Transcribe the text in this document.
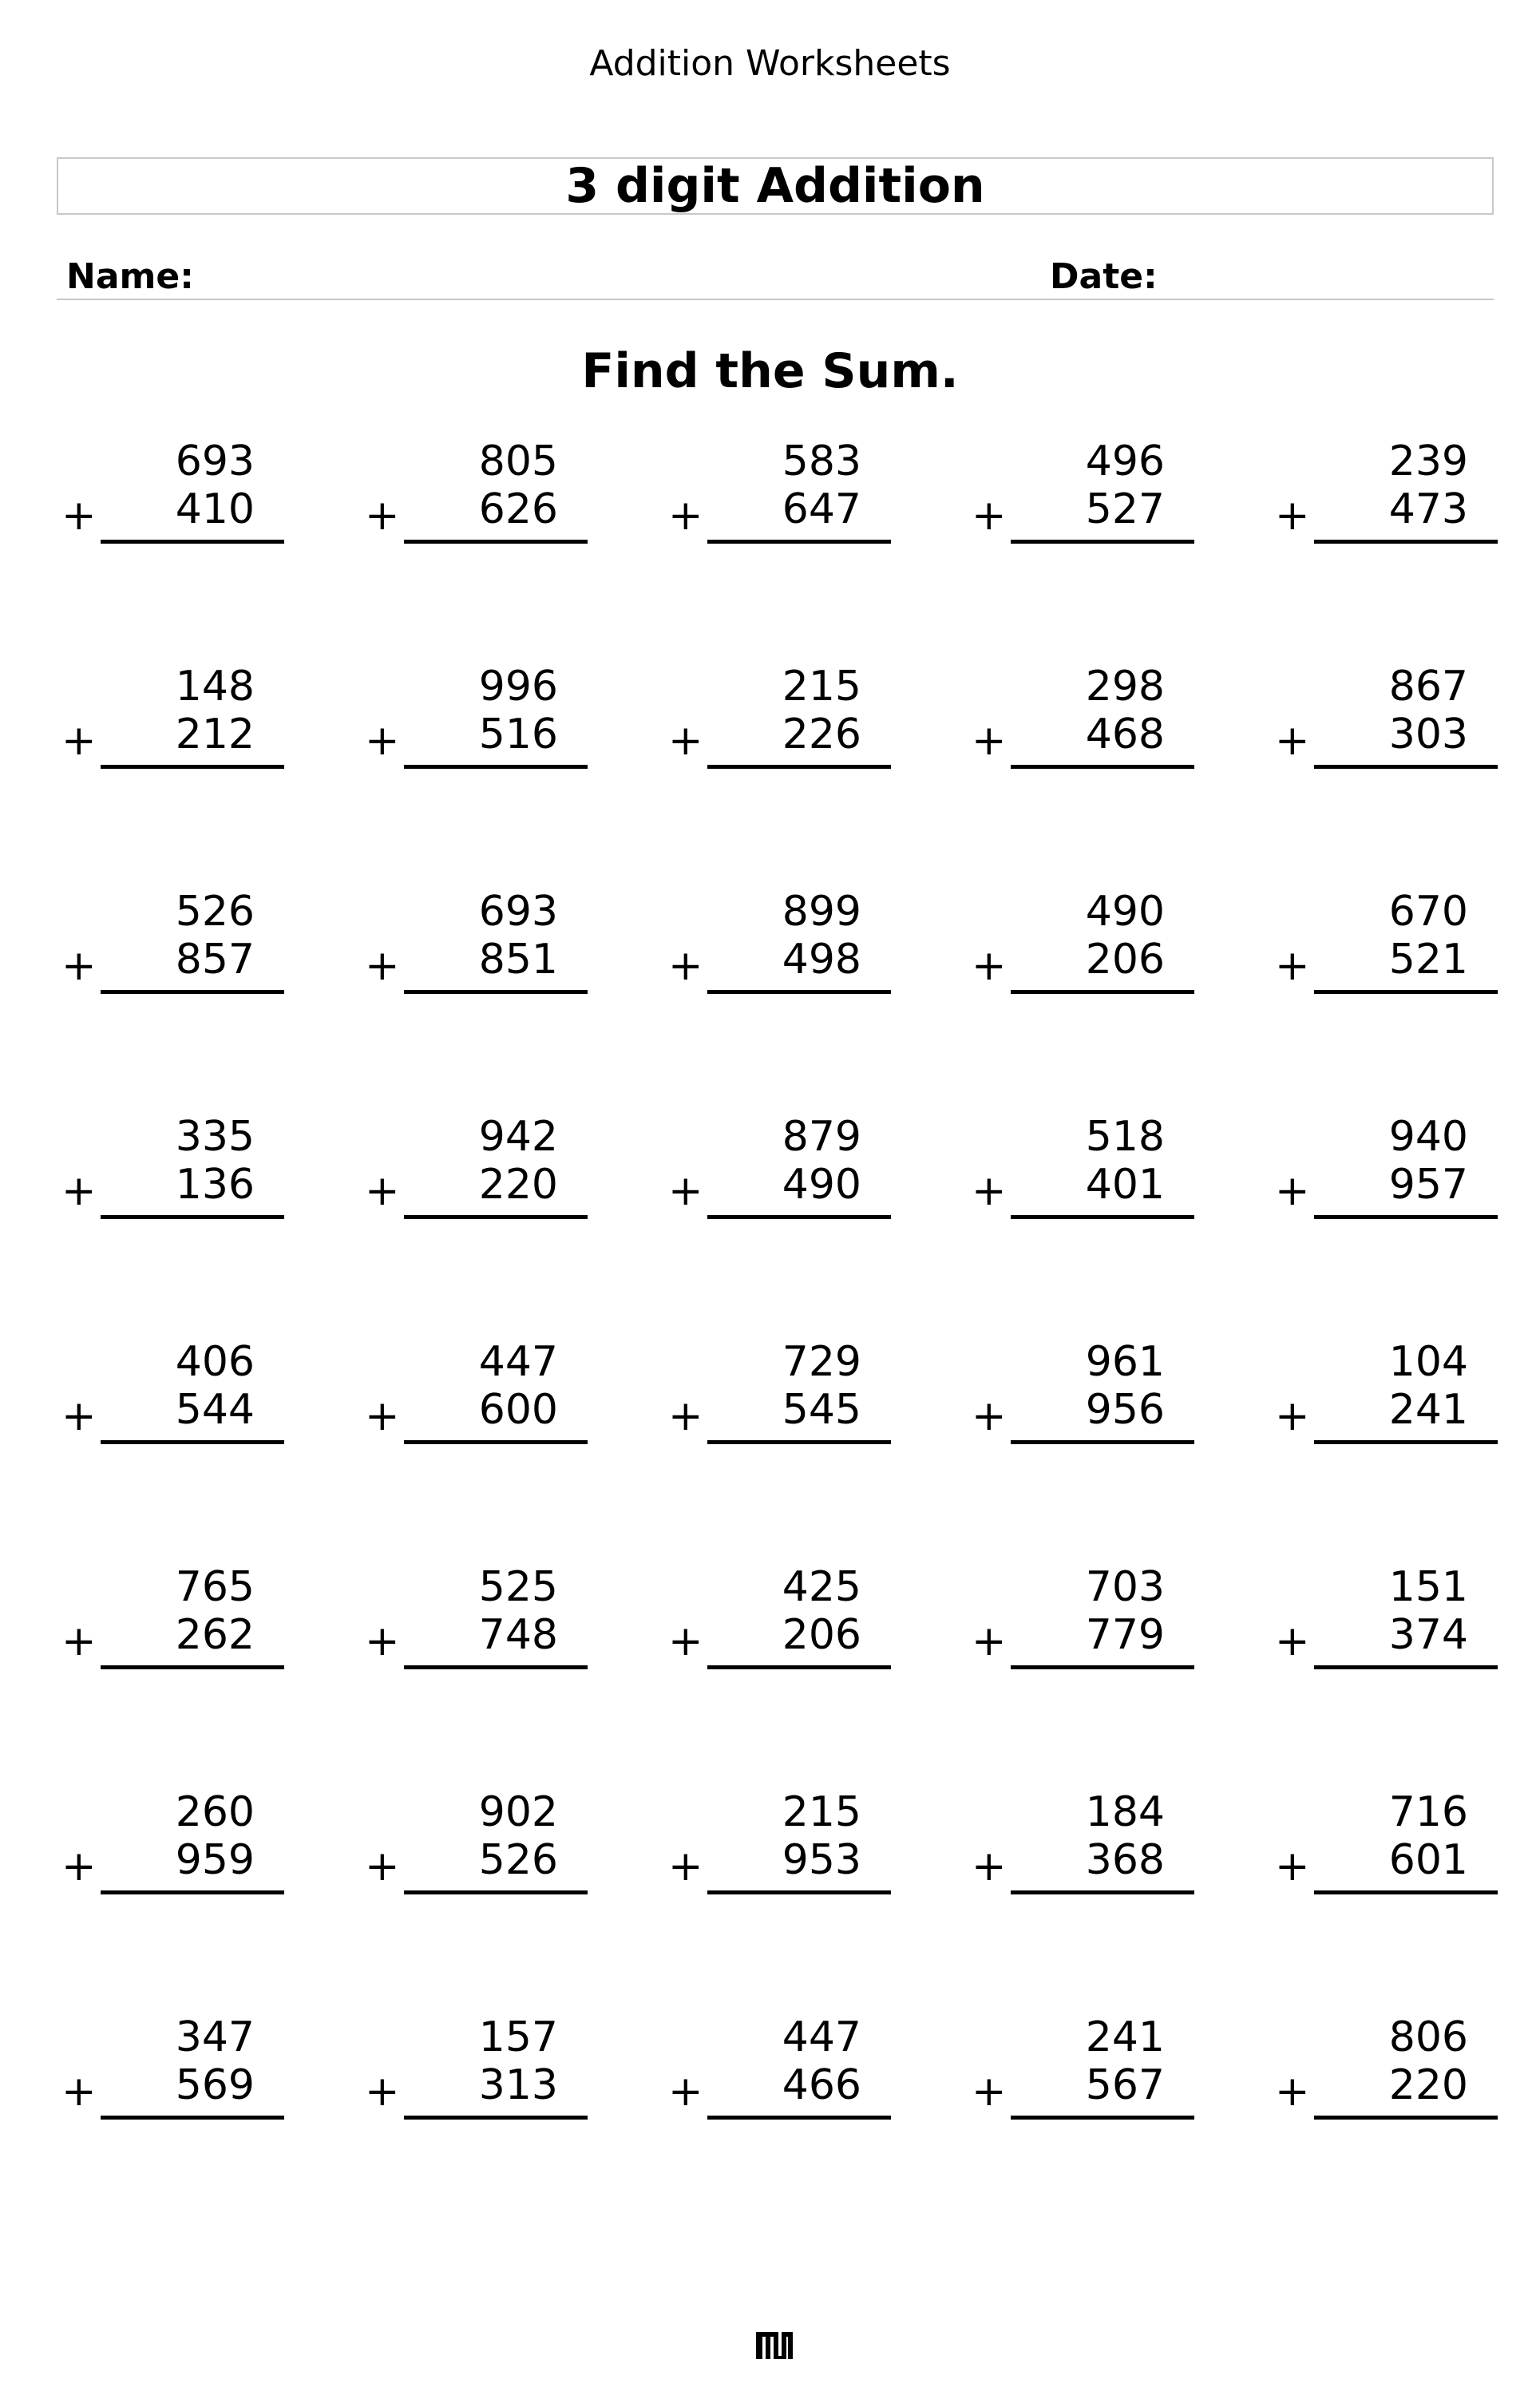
Addition Worksheets
3 digit Addition
Name:	Date:
Find the Sum.
693
+ 410
805
+ 626
583
+ 647
496
+ 527
239
+ 473
148
+ 212
996
+ 516
215
+ 226
298
+ 468
867
+ 303
526
+ 857
693
+ 851
899
+ 498
490
+ 206
670
+ 521
335
+ 136
942
+ 220
879
+ 490
518
+ 401
940
+ 957
406
+ 544
447
+ 600
729
+ 545
961
+ 956
104
+ 241
765
+ 262
525
+ 748
425
+ 206
703
+ 779
151
+ 374
260
+ 959
902
+ 526
215
+ 953
184
+ 368
716
+ 601
347
+ 569
157
+ 313
447
+ 466
241
+ 567
806
+ 220
